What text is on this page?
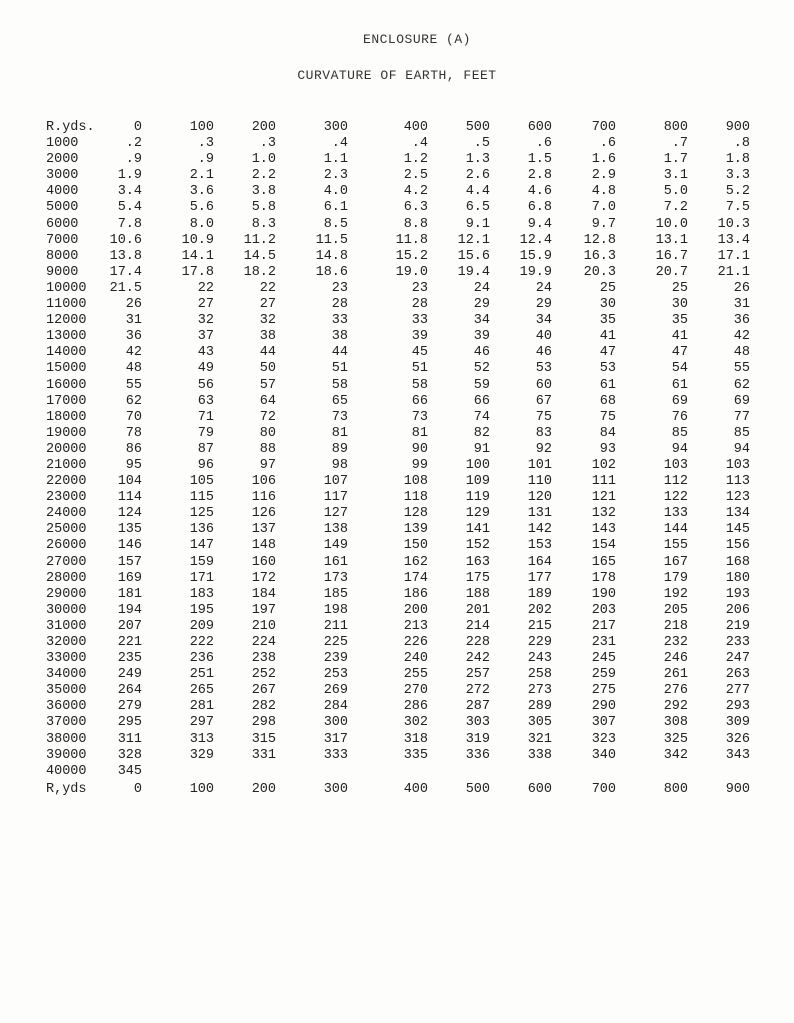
ENCLOSURE (A)
CURVATURE OF EARTH, FEET
R.yds.	0	100	200	300	400	500	600	700	800	900
1000	.2	.3	.3	.4	.4	.5	.6	.6	.7	.8
2000	.9	.9	1.0	1.1	1.2	1.3	1.5	1.6	1.7	1.8
3000	1.9	2.1	2.2	2.3	2.5	2.6	2.8	2.9	3.1	3.3
4000	3.4	3.6	3.8	4.0	4.2	4.4	4.6	4.8	5.0	5.2
5000	5.4	5.6	5.8	6.1	6.3	6.5	6.8	7.0	7.2	7.5
6000	7.8	8.0	8.3	8.5	8.8	9.1	9.4	9.7	10.0	10.3
7000	10.6	10.9	11.2	11.5	11.8	12.1	12.4	12.8	13.1	13.4
8000	13.8	14.1	14.5	14.8	15.2	15.6	15.9	16.3	16.7	17.1
9000	17.4	17.8	18.2	18.6	19.0	19.4	19.9	20.3	20.7	21.1
10000	21.5	22	22	23	23	24	24	25	25	26
11000	26	27	27	28	28	29	29	30	30	31
12000	31	32	32	33	33	34	34	35	35	36
13000	36	37	38	38	39	39	40	41	41	42
14000	42	43	44	44	45	46	46	47	47	48
15000	48	49	50	51	51	52	53	53	54	55
16000	55	56	57	58	58	59	60	61	61	62
17000	62	63	64	65	66	66	67	68	69	69
18000	70	71	72	73	73	74	75	75	76	77
19000	78	79	80	81	81	82	83	84	85	85
20000	86	87	88	89	90	91	92	93	94	94
21000	95	96	97	98	99	100	101	102	103	103
22000	104	105	106	107	108	109	110	111	112	113
23000	114	115	116	117	118	119	120	121	122	123
24000	124	125	126	127	128	129	131	132	133	134
25000	135	136	137	138	139	141	142	143	144	145
26000	146	147	148	149	150	152	153	154	155	156
27000	157	159	160	161	162	163	164	165	167	168
28000	169	171	172	173	174	175	177	178	179	180
29000	181	183	184	185	186	188	189	190	192	193
30000	194	195	197	198	200	201	202	203	205	206
31000	207	209	210	211	213	214	215	217	218	219
32000	221	222	224	225	226	228	229	231	232	233
33000	235	236	238	239	240	242	243	245	246	247
34000	249	251	252	253	255	257	258	259	261	263
35000	264	265	267	269	270	272	273	275	276	277
36000	279	281	282	284	286	287	289	290	292	293
37000	295	297	298	300	302	303	305	307	308	309
38000	311	313	315	317	318	319	321	323	325	326
39000	328	329	331	333	335	336	338	340	342	343
40000	345
R,yds	0	100	200	300	400	500	600	700	800	900
